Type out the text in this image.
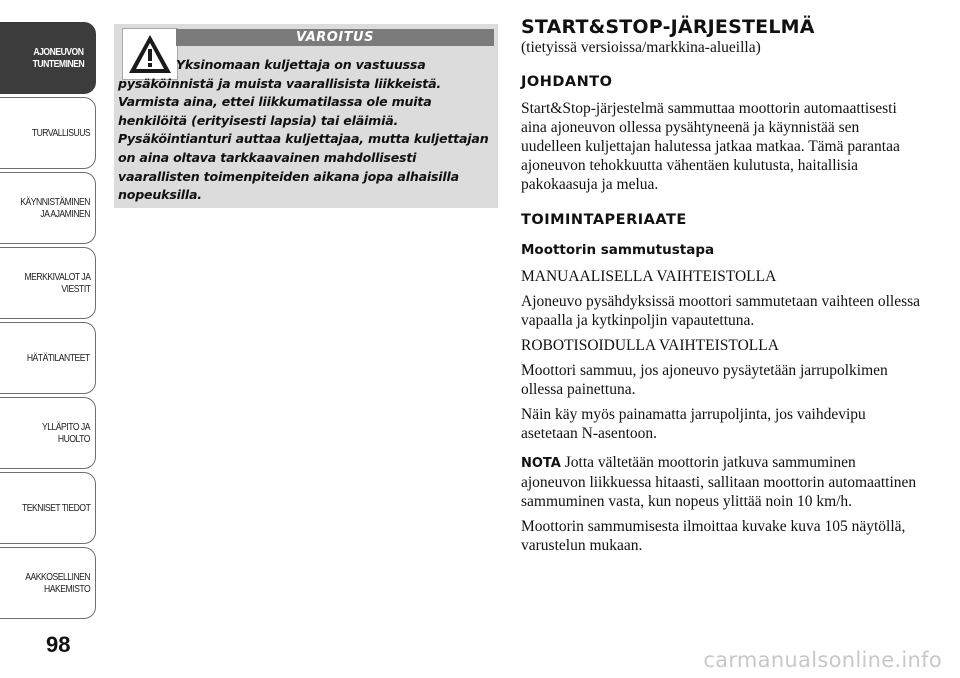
AJONEUVON
TUNTEMINEN
TURVALLISUUS
KÄYNNISTÄMINEN
JA AJAMINEN
MERKKIVALOT JA
VIESTIT
HÄTÄTILANTEET
YLLÄPITO JA HUOLTO
TEKNISET TIEDOT
AAKKOSELLINEN
HAKEMISTO
98
VAROITUS

Yksinomaan kuljettaja on vastuussa pysäköinnistä ja muista vaarallisista liikkeistä. Varmista aina, ettei liikkumatilassa ole muita henkilöitä (erityisesti lapsia) tai eläimiä. Pysäköintianturi auttaa kuljettajaa, mutta kuljettajan on aina oltava tarkkaavainen mahdollisesti vaarallisten toimenpiteiden aikana jopa alhaisilla nopeuksilla.

START&STOP-JÄRJESTELMÄ

(tietyissä versioissa/markkina-alueilla)

JOHDANTO

Start&Stop-järjestelmä sammuttaa moottorin automaattisesti aina ajoneuvon ollessa pysähtyneenä ja käynnistää sen uudelleen kuljettajan halutessa jatkaa matkaa. Tämä parantaa ajoneuvon tehokkuutta vähentäen kulutusta, haitallisia pakokaasuja ja melua.

TOIMINTAPERIAATE
Moottorin sammutustapa

MANUAALISELLA VAIHTEISTOLLA

Ajoneuvo pysähdyksissä moottori sammutetaan vaihteen ollessa vapaalla ja kytkinpoljin vapautettuna.

ROBOTISOIDULLA VAIHTEISTOLLA

Moottori sammuu, jos ajoneuvo pysäytetään jarrupolkimen ollessa painettuna.

Näin käy myös painamatta jarrupoljinta, jos vaihdevipu asetetaan N-asentoon.

NOTA Jotta vältetään moottorin jatkuva sammuminen ajoneuvon liikkuessa hitaasti, sallitaan moottorin automaattinen sammuminen vasta, kun nopeus ylittää noin 10 km/h.

Moottorin sammumisesta ilmoittaa kuvake kuva 105 näytöllä, varustelun mukaan.

carmanualsonline.info
